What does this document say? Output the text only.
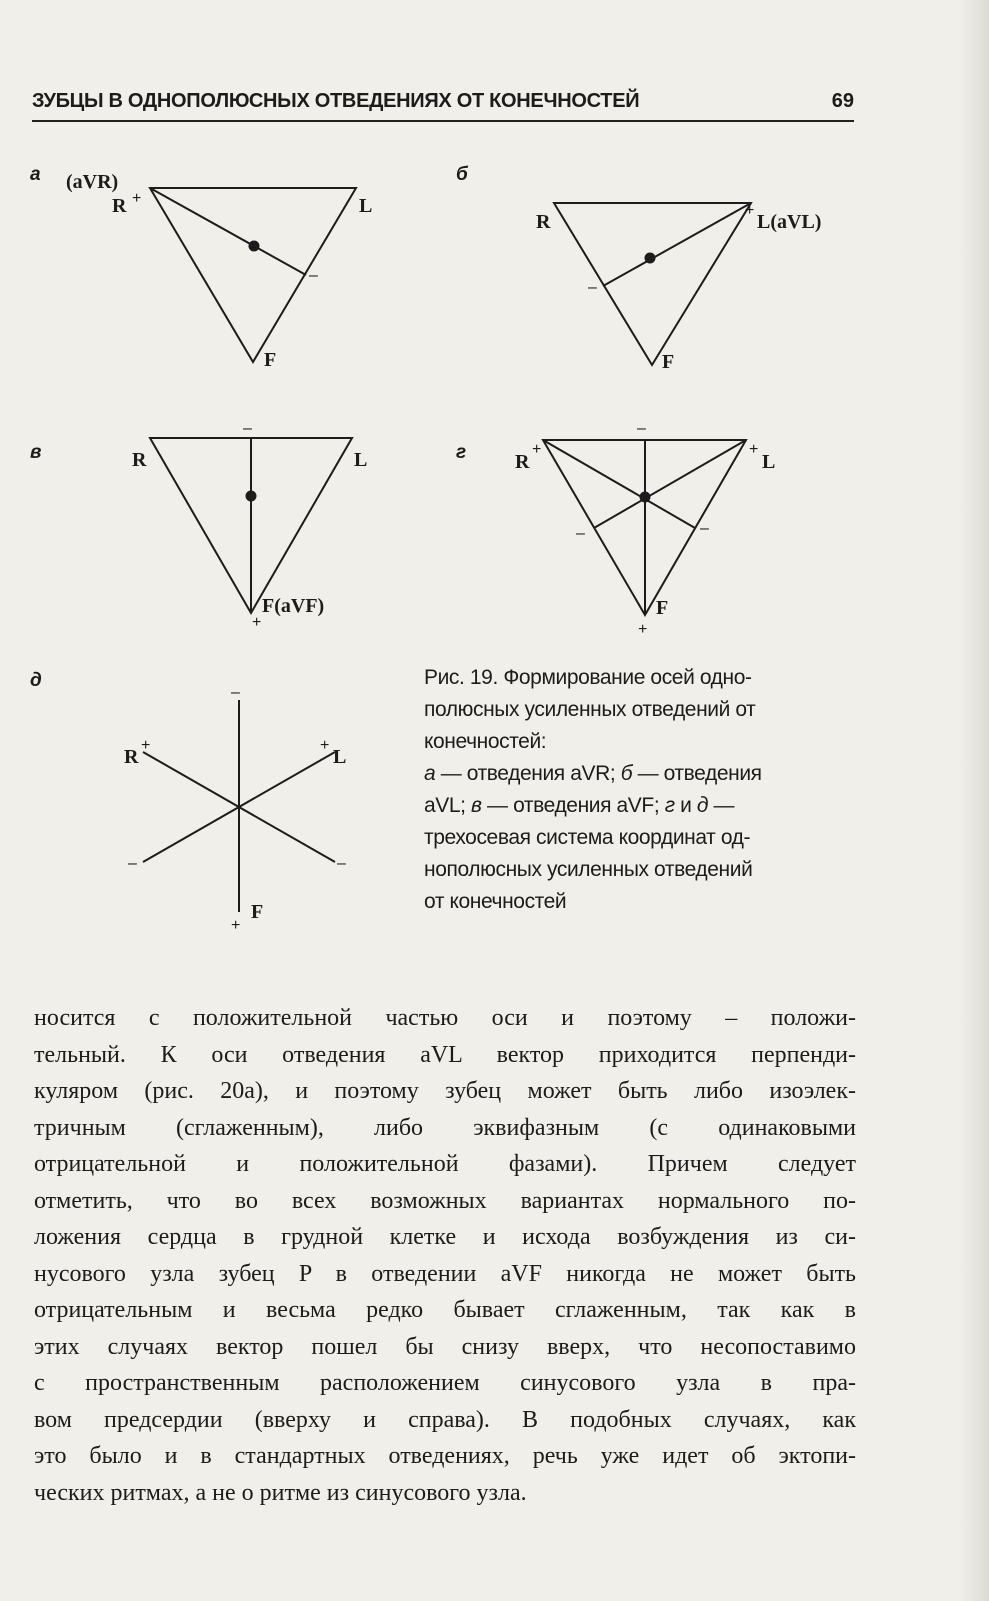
ЗУБЦЫ В ОДНОПОЛЮСНЫХ ОТВЕДЕНИЯХ ОТ КОНЕЧНОСТЕЙ	69
а	б
в	г
д
(aVR)
R +	L
–
F
R
+
L(aVL)
–
F
R	L
–
F(aVF)
+
R
+	+
L
–
–	–
F
+
–
R
+	+
L
–	–
F
+
Рис. 19. Формирование осей одно-
полюсных усиленных отведений от
конечностей:
а — отведения aVR; б — отведения
aVL; в — отведения aVF; г и д —
трехосевая система координат од-
нополюсных усиленных отведений
от конечностей
носится с положительной частью оси и поэтому – положи-
тельный. К оси отведения aVL вектор приходится перпенди-
куляром (рис. 20а), и поэтому зубец может быть либо изоэлек-
тричным (сглаженным), либо эквифазным (с одинаковыми
отрицательной и положительной фазами). Причем следует
отметить, что во всех возможных вариантах нормального по-
ложения сердца в грудной клетке и исхода возбуждения из си-
нусового узла зубец P в отведении aVF никогда не может быть
отрицательным и весьма редко бывает сглаженным, так как в
этих случаях вектор пошел бы снизу вверх, что несопоставимо
с пространственным расположением синусового узла в пра-
вом предсердии (вверху и справа). В подобных случаях, как
это было и в стандартных отведениях, речь уже идет об эктопи-
ческих ритмах, а не о ритме из синусового узла.
